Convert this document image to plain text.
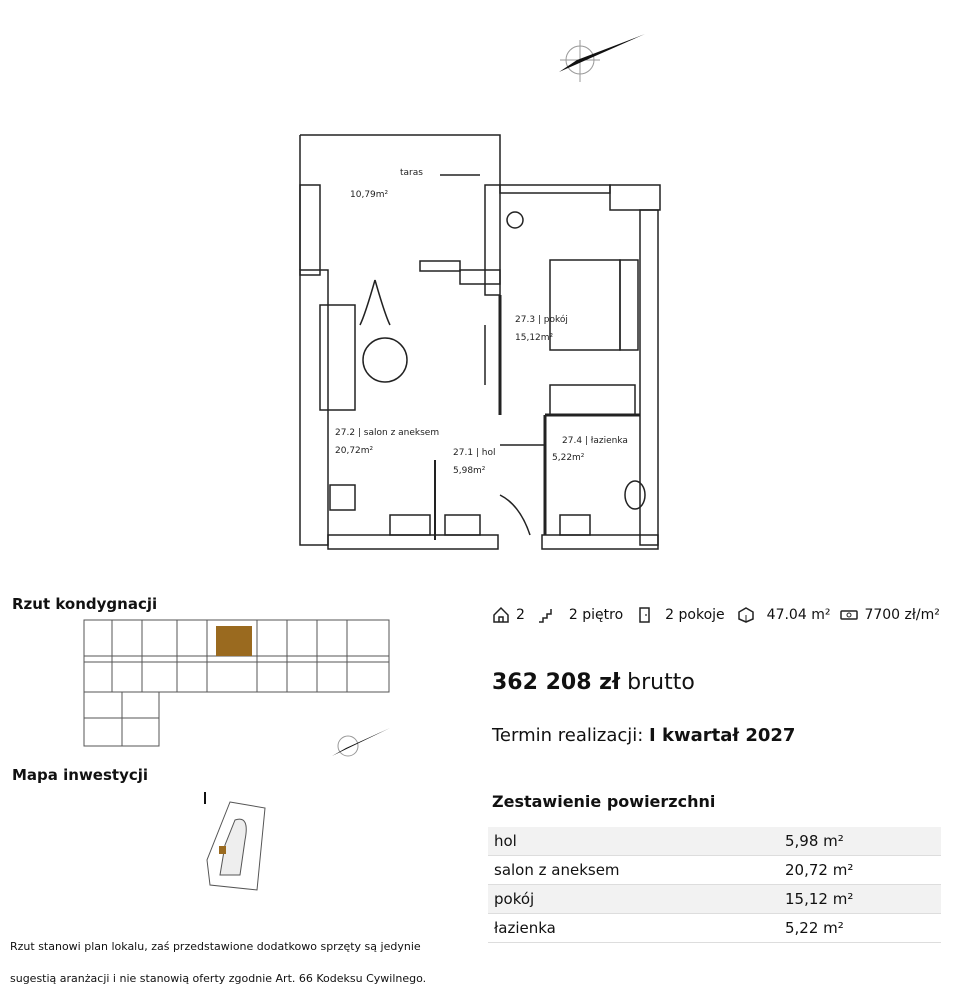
taras
10,79m²
27.3 | pokój
15,12m²
27.2 | salon z aneksem
20,72m²	27.1 | hol
5,98m²
27.4 | łazienka
5,22m²
Rzut kondygnacji
Mapa inwestycji
Rzut stanowi plan lokalu, zaś przedstawione dodatkowo sprzęty są jedynie
sugestią aranżacji i nie stanowią oferty zgodnie Art. 66 Kodeksu Cywilnego.
2	2 piętro	2 pokoje	47.04 m² 7700 zł/m²
362 208 zł brutto
Termin realizacji: I kwartał 2027
Zestawienie powierzchni
hol	5,98 m²
salon z aneksem	20,72 m²
pokój	15,12 m²
łazienka	5,22 m²
